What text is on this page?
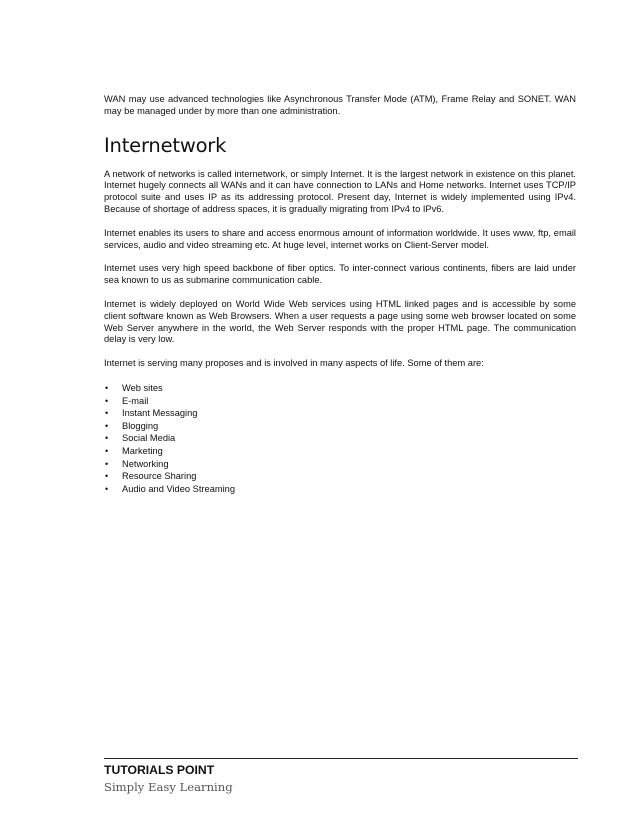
WAN may use advanced technologies like Asynchronous Transfer Mode (ATM), Frame Relay and SONET. WAN may be managed under by more than one administration.

Internetwork

A network of networks is called internetwork, or simply Internet. It is the largest network in existence on this planet. Internet hugely connects all WANs and it can have connection to LANs and Home networks. Internet uses TCP/IP protocol suite and uses IP as its addressing protocol. Present day, Internet is widely implemented using IPv4. Because of shortage of address spaces, it is gradually migrating from IPv4 to IPv6.

Internet enables its users to share and access enormous amount of information worldwide. It uses www, ftp, email services, audio and video streaming etc. At huge level, internet works on Client-Server model.

Internet uses very high speed backbone of fiber optics. To inter-connect various continents, fibers are laid under sea known to us as submarine communication cable.

Internet is widely deployed on World Wide Web services using HTML linked pages and is accessible by some client software known as Web Browsers. When a user requests a page using some web browser located on some Web Server anywhere in the world, the Web Server responds with the proper HTML page. The communication delay is very low.

Internet is serving many proposes and is involved in many aspects of life. Some of them are:

• Web sites
• E-mail
• Instant Messaging
• Blogging
• Social Media
• Marketing
• Networking
• Resource Sharing
• Audio and Video Streaming
TUTORIALS POINT
Simply Easy Learning
